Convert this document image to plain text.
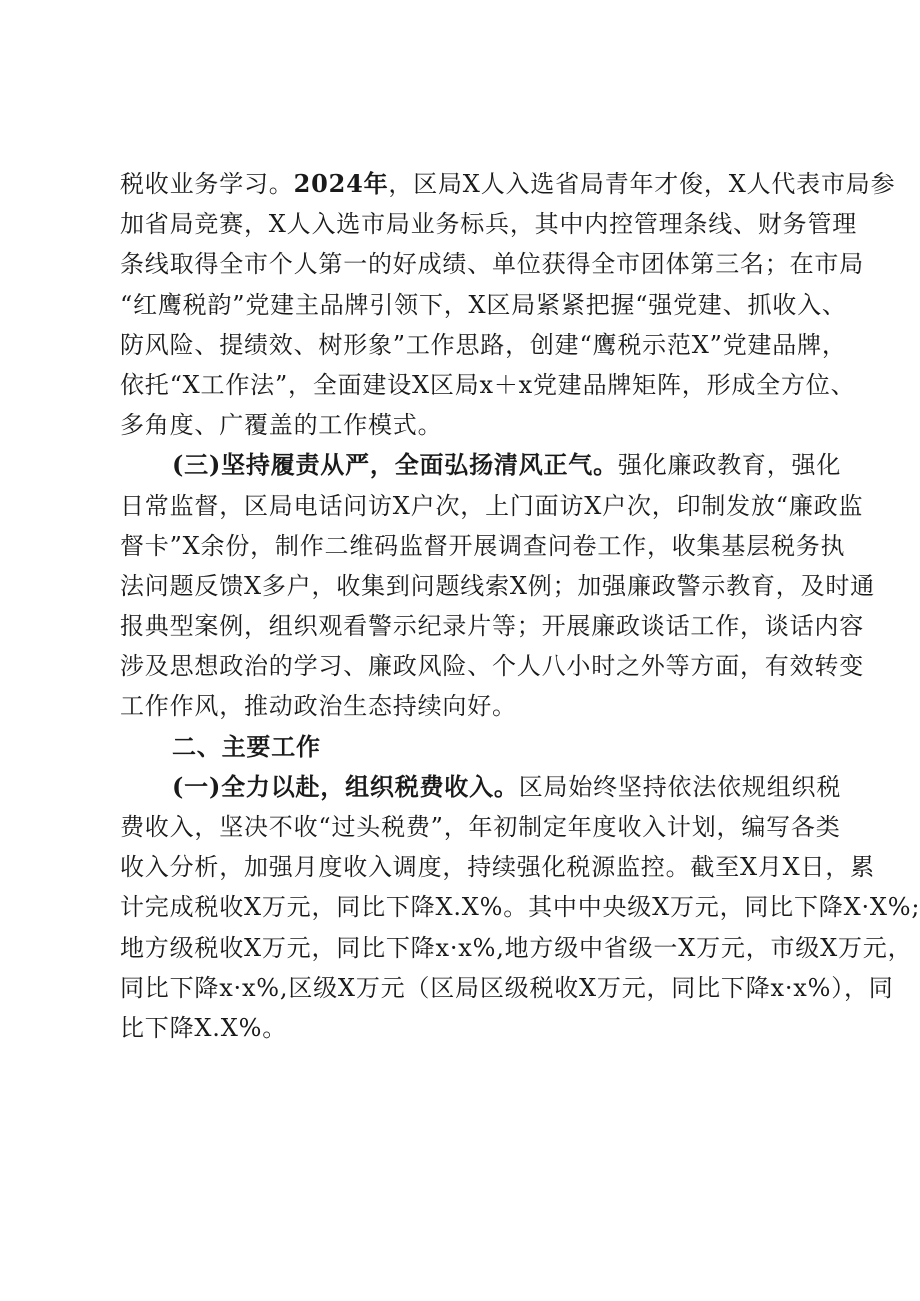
税收业务学习。2024年，区局X人入选省局青年才俊，X人代表市局参
加省局竞赛，X人入选市局业务标兵，其中内控管理条线、财务管理
条线取得全市个人第一的好成绩、单位获得全市团体第三名；在市局
“红鹰税韵”党建主品牌引领下，X区局紧紧把握“强党建、抓收入、
防风险、提绩效、树形象”工作思路，创建“鹰税示范X”党建品牌，
依托“X工作法”，全面建设X区局x＋x党建品牌矩阵，形成全方位、
多角度、广覆盖的工作模式。
(三)坚持履责从严，全面弘扬清风正气。强化廉政教育，强化
日常监督，区局电话问访X户次，上门面访X户次，印制发放“廉政监
督卡”X余份，制作二维码监督开展调查问卷工作，收集基层税务执
法问题反馈X多户，收集到问题线索X例；加强廉政警示教育，及时通
报典型案例，组织观看警示纪录片等；开展廉政谈话工作，谈话内容
涉及思想政治的学习、廉政风险、个人八小时之外等方面，有效转变
工作作风，推动政治生态持续向好。
二、主要工作
(一)全力以赴，组织税费收入。区局始终坚持依法依规组织税
费收入，坚决不收“过头税费”，年初制定年度收入计划，编写各类
收入分析，加强月度收入调度，持续强化税源监控。截至X月X日，累
计完成税收X万元，同比下降X.X%。其中中央级X万元，同比下降X·X%;
地方级税收X万元，同比下降x·x%,地方级中省级一X万元，市级X万元，
同比下降x·x%,区级X万元（区局区级税收X万元，同比下降x·x%），同
比下降X.X%。
